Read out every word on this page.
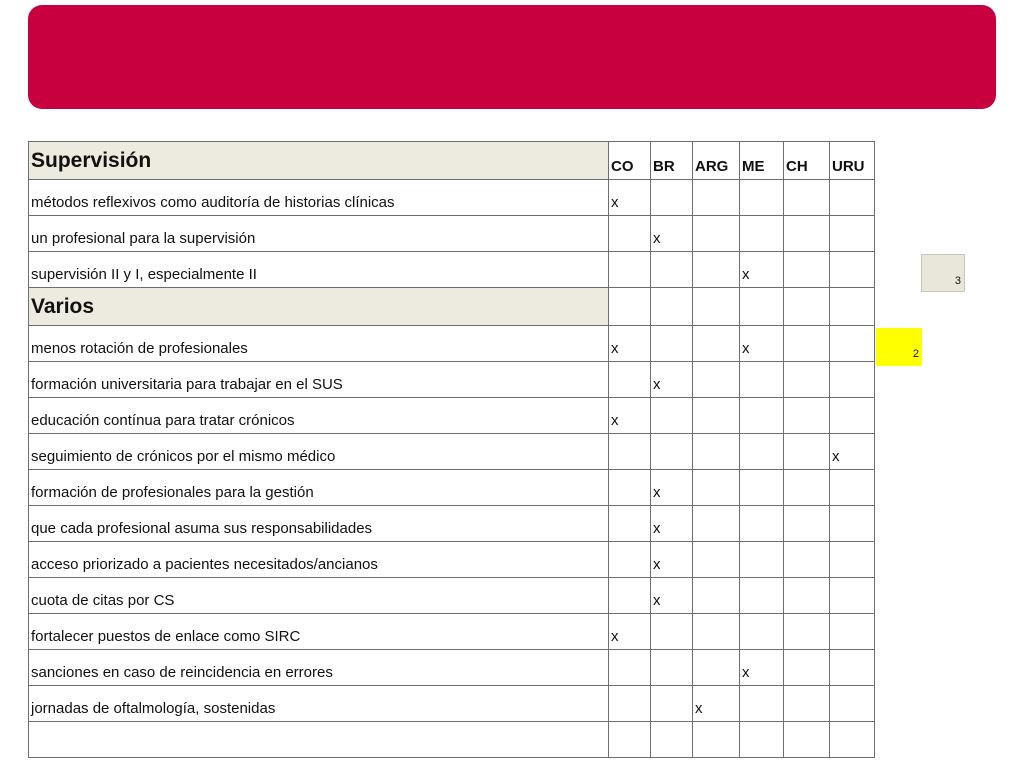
Supervisión	CO	BR	ARG	ME	CH	URU
métodos reflexivos como auditoría de historias clínicas	x					
un profesional para la supervisión		x				
supervisión II y I, especialmente II				x		
Varios						
menos rotación de profesionales	x			x		
formación universitaria para trabajar en el SUS		x				
educación contínua para tratar crónicos	x					
seguimiento de crónicos por el mismo médico						x
formación de profesionales para la gestión		x				
que cada profesional asuma sus responsabilidades		x				
acceso priorizado a pacientes necesitados/ancianos		x				
cuota de citas por CS		x				
fortalecer puestos de enlace como SIRC	x					
sanciones en caso de reincidencia en errores				x		
jornadas de oftalmología, sostenidas			x			

3
2
